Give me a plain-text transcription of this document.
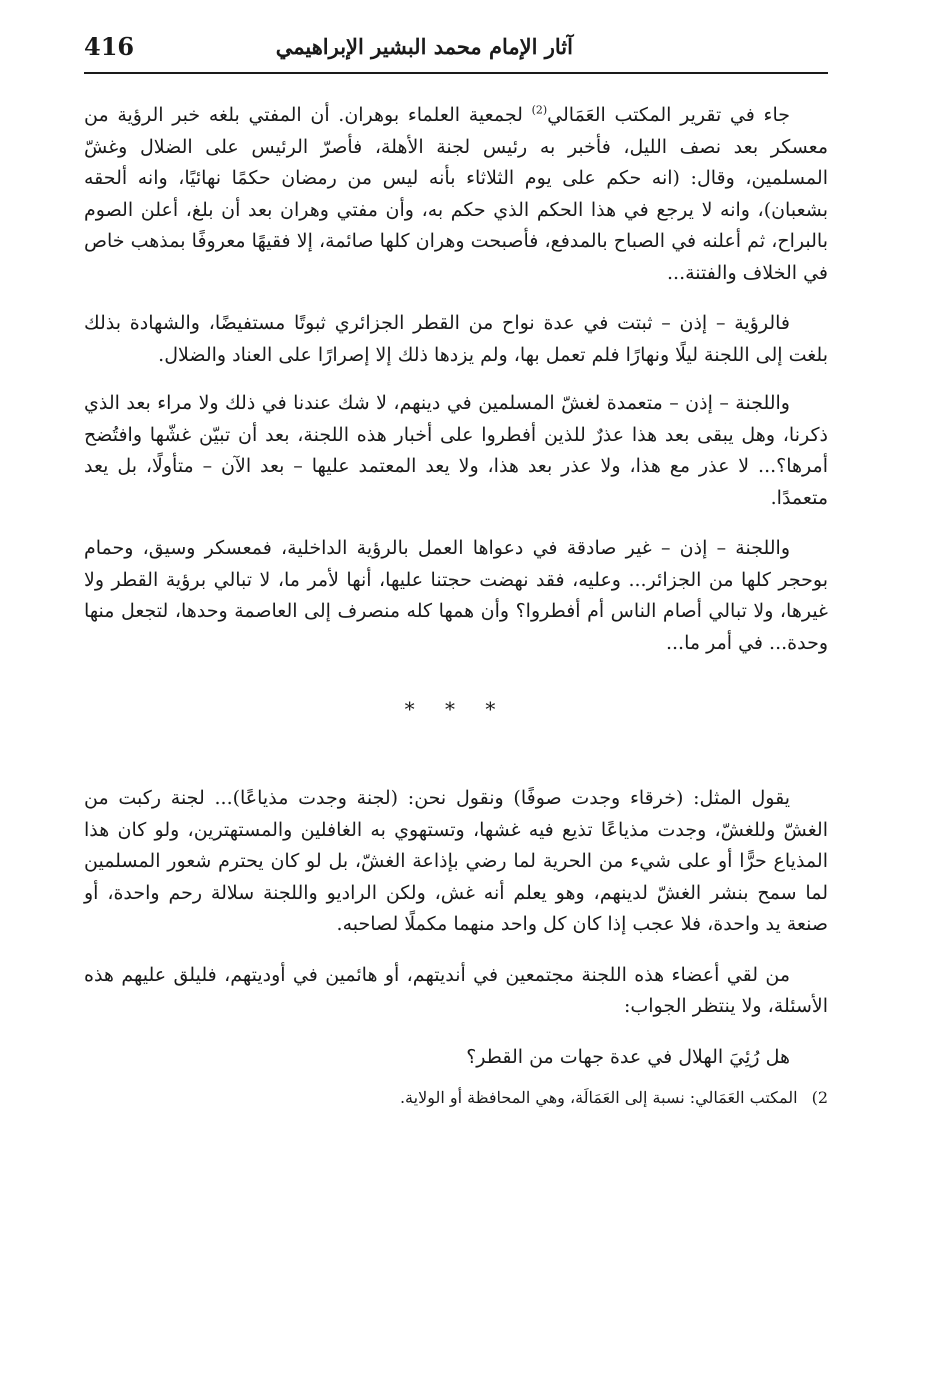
416	آثار الإمام محمد البشير الإبراهيمي

جاء في تقرير المكتب العَمَالي$^{(2)}$ لجمعية العلماء بوهران. أن المفتي بلغه خبر الرؤية من معسكر بعد نصف الليل، فأخبر به رئيس لجنة الأهلة، فأصرّ الرئيس على الضلال وغشّ المسلمين، وقال: (انه حكم على يوم الثلاثاء بأنه ليس من رمضان حكمًا نهائيًا، وانه ألحقه بشعبان)، وانه لا يرجع في هذا الحكم الذي حكم به، وأن مفتي وهران بعد أن بلغ، أعلن الصوم بالبراح، ثم أعلنه في الصباح بالمدفع، فأصبحت وهران كلها صائمة، إلا فقيهًا معروفًا بمذهب خاص في الخلاف والفتنة...

فالرؤية – إذن – ثبتت في عدة نواح من القطر الجزائري ثبوتًا مستفيضًا، والشهادة بذلك بلغت إلى اللجنة ليلًا ونهارًا فلم تعمل بها، ولم يزدها ذلك إلا إصرارًا على العناد والضلال.

واللجنة – إذن – متعمدة لغشّ المسلمين في دينهم، لا شك عندنا في ذلك ولا مراء بعد الذي ذكرنا، وهل يبقى بعد هذا عذرٌ للذين أفطروا على أخبار هذه اللجنة، بعد أن تبيّن غشّها وافتُضح أمرها؟... لا عذر مع هذا، ولا عذر بعد هذا، ولا يعد المعتمد عليها – بعد الآن – متأولًا، بل يعد متعمدًا.

واللجنة – إذن – غير صادقة في دعواها العمل بالرؤية الداخلية، فمعسكر وسيق، وحمام بوحجر كلها من الجزائر... وعليه، فقد نهضت حجتنا عليها، أنها لأمر ما، لا تبالي برؤية القطر ولا غيرها، ولا تبالي أصام الناس أم أفطروا؟ وأن همها كله منصرف إلى العاصمة وحدها، لتجعل منها وحدة... في أمر ما...

* * *

يقول المثل: (خرقاء وجدت صوفًا) ونقول نحن: (لجنة وجدت مذياعًا)... لجنة ركبت من الغشّ وللغشّ، وجدت مذياعًا تذيع فيه غشها، وتستهوي به الغافلين والمستهترين، ولو كان هذا المذياع حرًّا أو على شيء من الحرية لما رضي بإذاعة الغشّ، بل لو كان يحترم شعور المسلمين لما سمح بنشر الغشّ لدينهم، وهو يعلم أنه غش، ولكن الراديو واللجنة سلالة رحم واحدة، أو صنعة يد واحدة، فلا عجب إذا كان كل واحد منهما مكملًا لصاحبه.

من لقي أعضاء هذه اللجنة مجتمعين في أنديتهم، أو هائمين في أوديتهم، فليلق عليهم هذه الأسئلة، ولا ينتظر الجواب:

هل رُئِيَ الهلال في عدة جهات من القطر؟

2)المكتب العَمَالي: نسبة إلى العَمَالَة، وهي المحافظة أو الولاية.
